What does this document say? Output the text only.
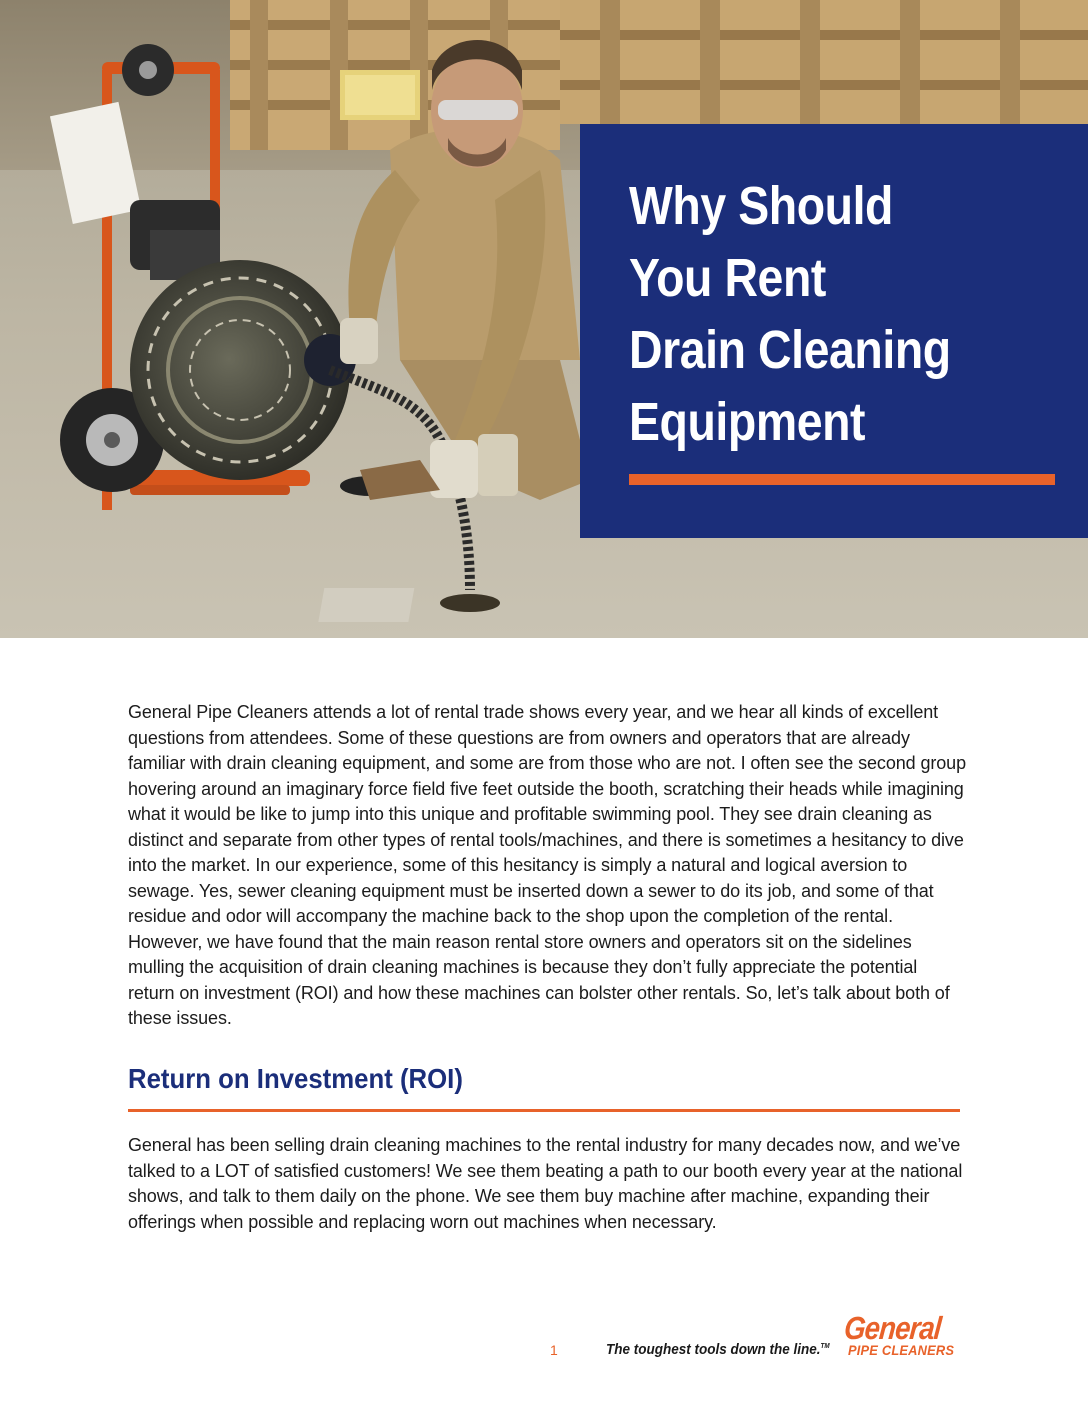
Why Should
You Rent
Drain Cleaning
Equipment

General Pipe Cleaners attends a lot of rental trade shows every year, and we hear all kinds of excellent questions from attendees. Some of these questions are from owners and operators that are already familiar with drain cleaning equipment, and some are from those who are not. I often see the second group hovering around an imaginary force field five feet outside the booth, scratching their heads while imagining what it would be like to jump into this unique and profitable swimming pool. They see drain cleaning as distinct and separate from other types of rental tools/machines, and there is sometimes a hesitancy to dive into the market. In our experience, some of this hesitancy is simply a natural and logical aversion to sewage. Yes, sewer cleaning equipment must be inserted down a sewer to do its job, and some of that residue and odor will accompany the machine back to the shop upon the completion of the rental. However, we have found that the main reason rental store owners and operators sit on the sidelines mulling the acquisition of drain cleaning machines is because they don’t fully appreciate the potential return on investment (ROI) and how these machines can bolster other rentals. So, let’s talk about both of these issues.

Return on Investment (ROI)

General has been selling drain cleaning machines to the rental industry for many decades now, and we’ve talked to a LOT of satisfied customers! We see them beating a path to our booth every year at the national shows, and talk to them daily on the phone. We see them buy machine after machine, expanding their offerings when possible and replacing worn out machines when necessary.

1	The toughest tools down the line.™
General
PIPE CLEANERS
